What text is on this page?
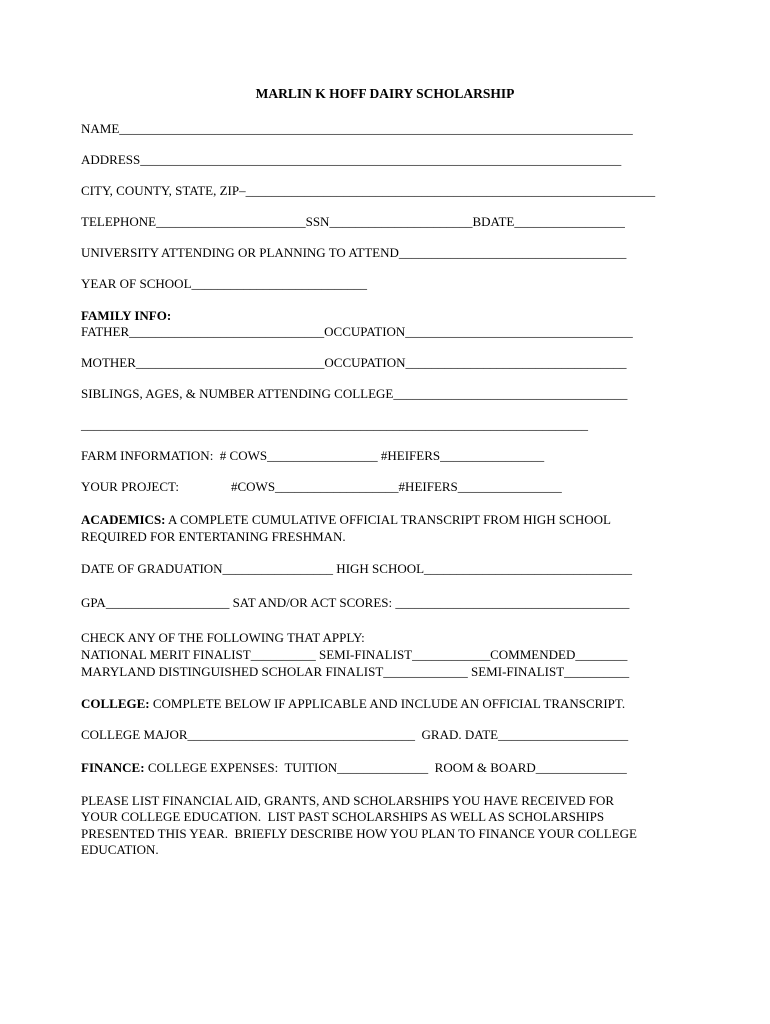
MARLIN K HOFF DAIRY SCHOLARSHIP
NAME_______________________________________________________________________________
ADDRESS__________________________________________________________________________
CITY, COUNTY, STATE, ZIP–_______________________________________________________________
TELEPHONE_______________________SSN______________________BDATE_________________
UNIVERSITY ATTENDING OR PLANNING TO ATTEND___________________________________
YEAR OF SCHOOL___________________________
FAMILY INFO:
FATHER______________________________OCCUPATION___________________________________
MOTHER_____________________________OCCUPATION__________________________________
SIBLINGS, AGES, & NUMBER ATTENDING COLLEGE____________________________________
______________________________________________________________________________
FARM INFORMATION:  # COWS_________________ #HEIFERS________________
YOUR PROJECT:	#COWS___________________#HEIFERS________________
ACADEMICS: A COMPLETE CUMULATIVE OFFICIAL TRANSCRIPT FROM HIGH SCHOOL
REQUIRED FOR ENTERTANING FRESHMAN.
DATE OF GRADUATION_________________ HIGH SCHOOL________________________________
GPA___________________ SAT AND/OR ACT SCORES: ____________________________________
CHECK ANY OF THE FOLLOWING THAT APPLY:
NATIONAL MERIT FINALIST__________ SEMI-FINALIST____________COMMENDED________
MARYLAND DISTINGUISHED SCHOLAR FINALIST_____________ SEMI-FINALIST__________
COLLEGE: COMPLETE BELOW IF APPLICABLE AND INCLUDE AN OFFICIAL TRANSCRIPT.
COLLEGE MAJOR___________________________________  GRAD. DATE____________________
FINANCE: COLLEGE EXPENSES:  TUITION______________  ROOM & BOARD______________
PLEASE LIST FINANCIAL AID, GRANTS, AND SCHOLARSHIPS YOU HAVE RECEIVED FOR
YOUR COLLEGE EDUCATION.  LIST PAST SCHOLARSHIPS AS WELL AS SCHOLARSHIPS
PRESENTED THIS YEAR.  BRIEFLY DESCRIBE HOW YOU PLAN TO FINANCE YOUR COLLEGE
EDUCATION.
